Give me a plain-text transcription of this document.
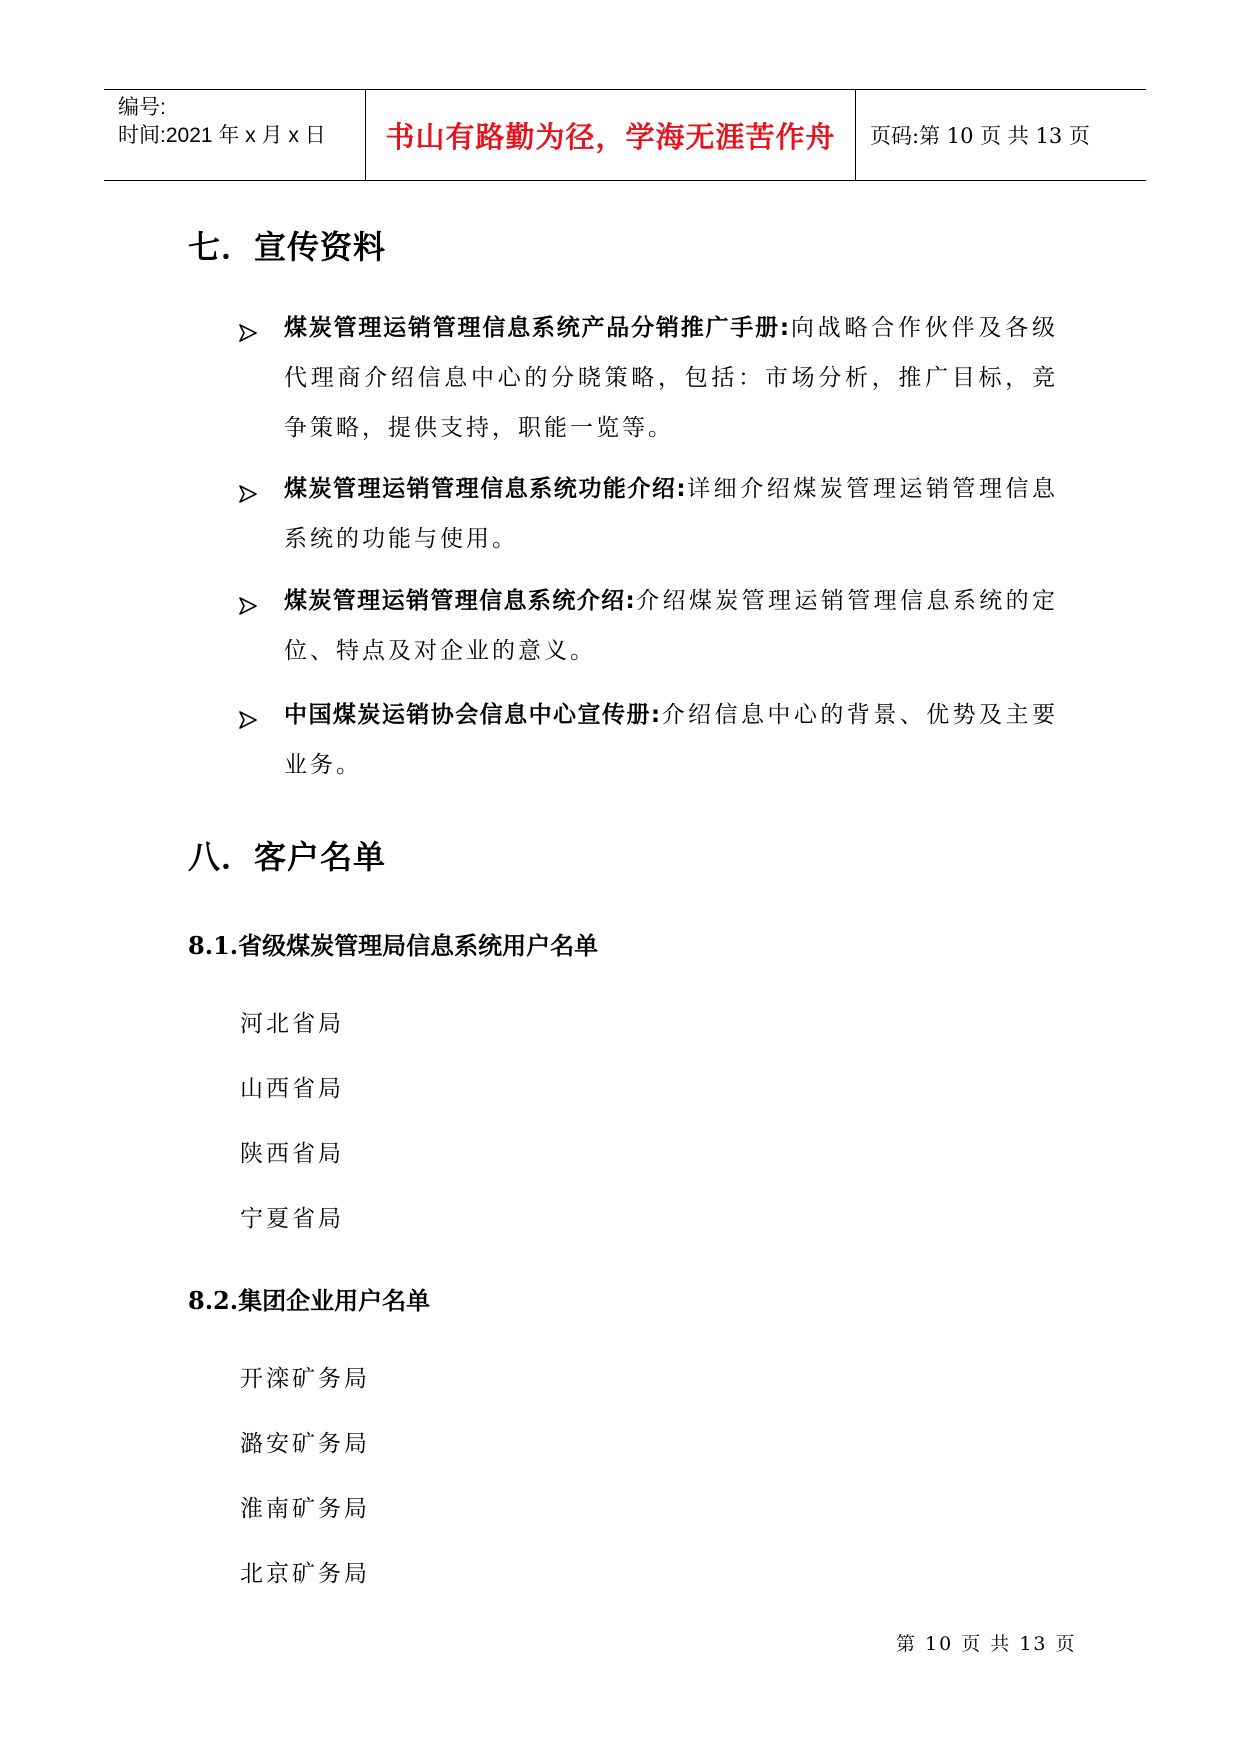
编号:
时间:2021 年 x 月 x 日	书山有路勤为径，学海无涯苦作舟	页码:第 10 页 共 13 页
七．宣传资料
煤炭管理运销管理信息系统产品分销推广手册:向战略合作伙伴及各级代理商介绍信息中心的分晓策略，包括：市场分析，推广目标，竞争策略，提供支持，职能一览等。
煤炭管理运销管理信息系统功能介绍:详细介绍煤炭管理运销管理信息系统的功能与使用。
煤炭管理运销管理信息系统介绍:介绍煤炭管理运销管理信息系统的定位、特点及对企业的意义。
中国煤炭运销协会信息中心宣传册:介绍信息中心的背景、优势及主要业务。
八．客户名单
8.1.省级煤炭管理局信息系统用户名单
河北省局
山西省局
陕西省局
宁夏省局
8.2.集团企业用户名单
开滦矿务局
潞安矿务局
淮南矿务局
北京矿务局
第 10 页 共 13 页
